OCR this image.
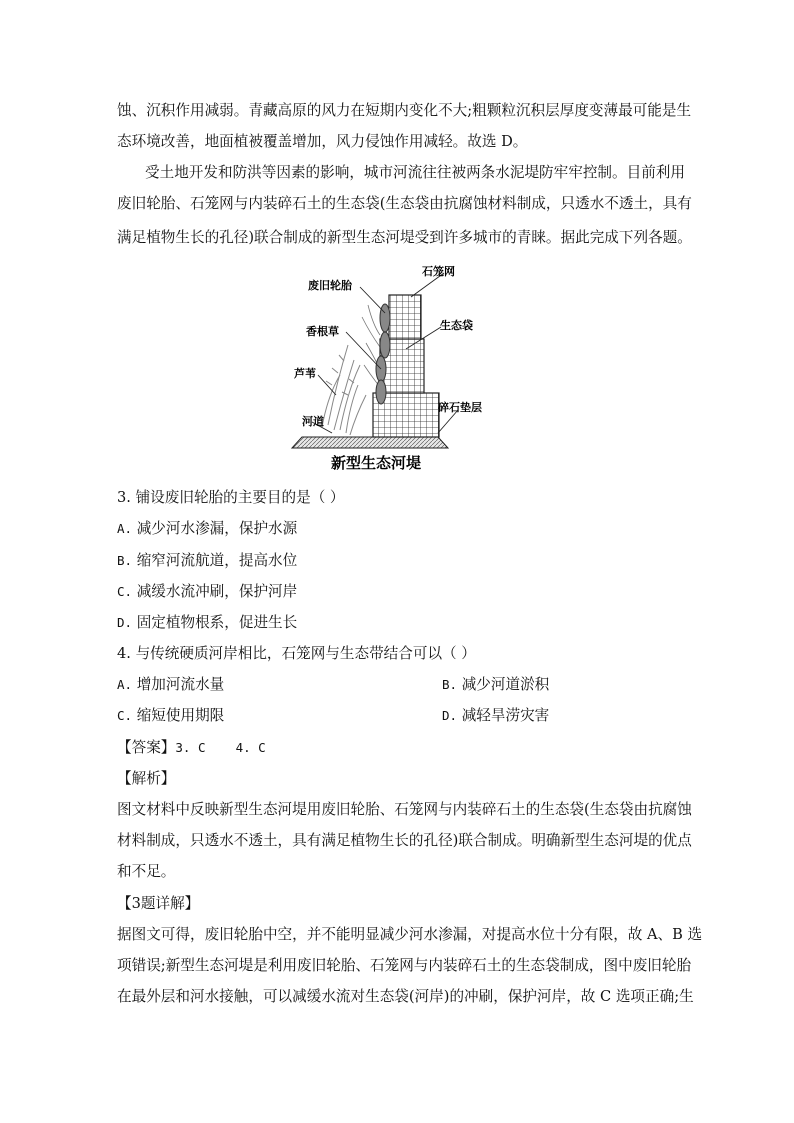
蚀、沉积作用减弱。青藏高原的风力在短期内变化不大;粗颗粒沉积层厚度变薄最可能是生
态环境改善，地面植被覆盖增加，风力侵蚀作用减轻。故选 D。
受土地开发和防洪等因素的影响，城市河流往往被两条水泥堤防牢牢控制。目前利用
废旧轮胎、石笼网与内装碎石土的生态袋(生态袋由抗腐蚀材料制成，只透水不透土，具有
满足植物生长的孔径)联合制成的新型生态河堤受到许多城市的青睐。据此完成下列各题。
废旧轮胎
石笼网
香根草	生态袋
芦苇
碎石垫层
河道
新型生态河堤
3. 铺设废旧轮胎的主要目的是（ ）
A. 减少河水渗漏，保护水源
B. 缩窄河流航道，提高水位
C. 减缓水流冲刷，保护河岸
D. 固定植物根系，促进生长
4. 与传统硬质河岸相比，石笼网与生态带结合可以（ ）
A. 增加河流水量	B. 减少河道淤积
C. 缩短使用期限	D. 减轻旱涝灾害
【答案】3. C    4. C
【解析】
图文材料中反映新型生态河堤用废旧轮胎、石笼网与内装碎石土的生态袋(生态袋由抗腐蚀
材料制成，只透水不透土，具有满足植物生长的孔径)联合制成。明确新型生态河堤的优点
和不足。
【3题详解】
据图文可得，废旧轮胎中空，并不能明显减少河水渗漏，对提高水位十分有限，故 A、B 选
项错误;新型生态河堤是利用废旧轮胎、石笼网与内装碎石土的生态袋制成，图中废旧轮胎
在最外层和河水接触，可以减缓水流对生态袋(河岸)的冲刷，保护河岸，故 C 选项正确;生
